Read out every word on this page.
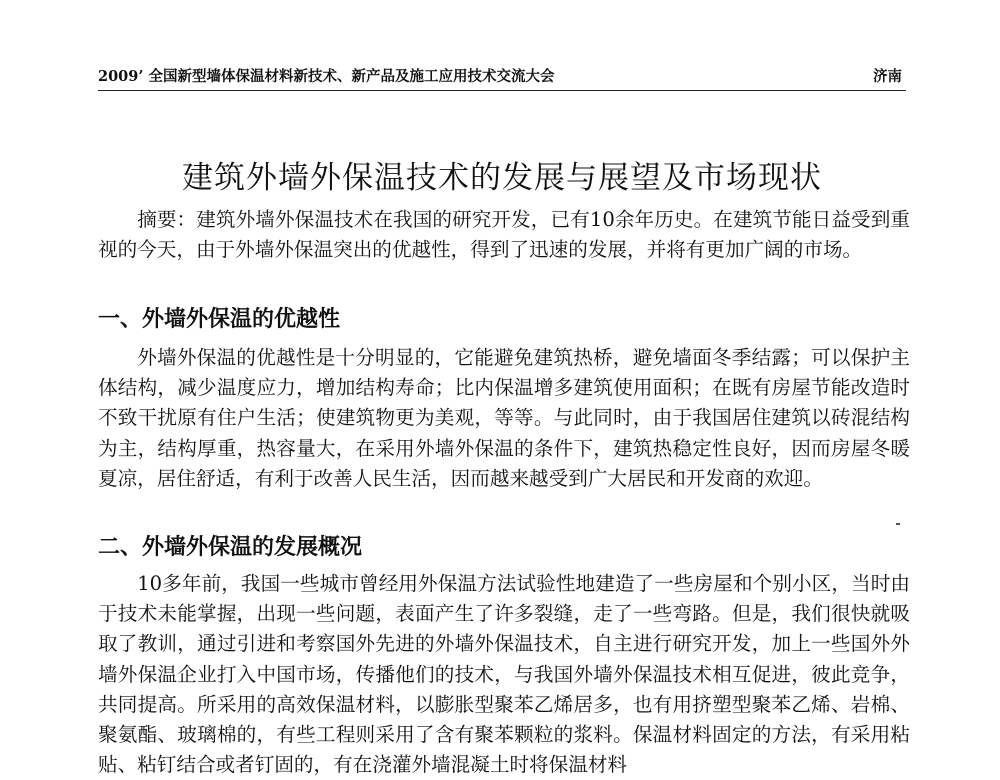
2009’ 全国新型墙体保温材料新技术、新产品及施工应用技术交流大会	济南
建筑外墙外保温技术的发展与展望及市场现状
摘要：建筑外墙外保温技术在我国的研究开发，已有10余年历史。在建筑节能日益受到重视的今天，由于外墙外保温突出的优越性，得到了迅速的发展，并将有更加广阔的市场。
一、外墙外保温的优越性
外墙外保温的优越性是十分明显的，它能避免建筑热桥，避免墙面冬季结露；可以保护主体结构，减少温度应力，增加结构寿命；比内保温增多建筑使用面积；在既有房屋节能改造时不致干扰原有住户生活；使建筑物更为美观，等等。与此同时，由于我国居住建筑以砖混结构为主，结构厚重，热容量大，在采用外墙外保温的条件下，建筑热稳定性良好，因而房屋冬暖夏凉，居住舒适，有利于改善人民生活，因而越来越受到广大居民和开发商的欢迎。
二、外墙外保温的发展概况
10多年前，我国一些城市曾经用外保温方法试验性地建造了一些房屋和个别小区，当时由于技术未能掌握，出现一些问题，表面产生了许多裂缝，走了一些弯路。但是，我们很快就吸取了教训，通过引进和考察国外先进的外墙外保温技术，自主进行研究开发，加上一些国外外墙外保温企业打入中国市场，传播他们的技术，与我国外墙外保温技术相互促进，彼此竞争，共同提高。所采用的高效保温材料，以膨胀型聚苯乙烯居多，也有用挤塑型聚苯乙烯、岩棉、聚氨酯、玻璃棉的，有些工程则采用了含有聚苯颗粒的浆料。保温材料固定的方法，有采用粘贴、粘钉结合或者钉固的，有在浇灌外墙混凝土时将保温材料
